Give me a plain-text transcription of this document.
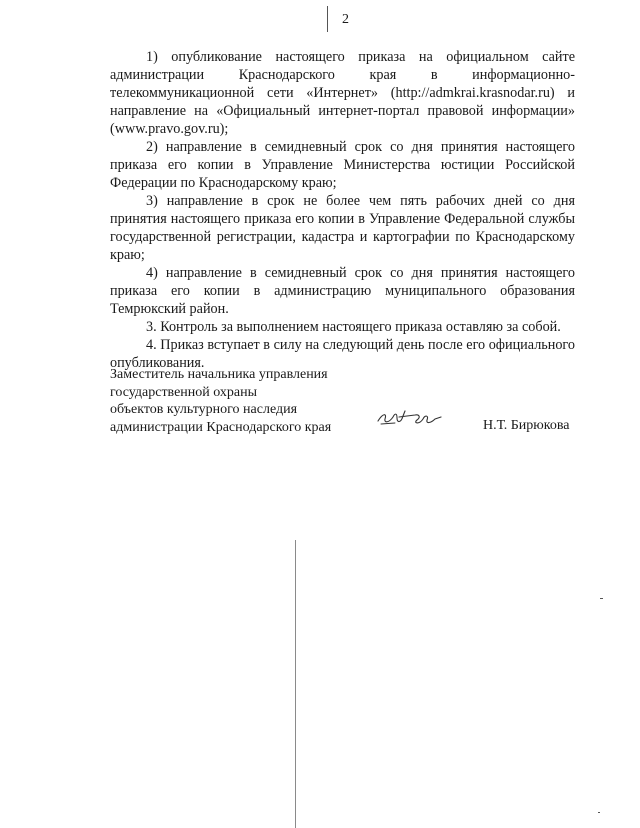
2

1) опубликование настоящего приказа на официальном сайте администрации Краснодарского края в информационно-телекоммуникационной сети «Интернет» (http://admkrai.krasnodar.ru) и направление на «Официальный интернет-портал правовой информации» (www.pravo.gov.ru);

2) направление в семидневный срок со дня принятия настоящего приказа его копии в Управление Министерства юстиции Российской Федерации по Краснодарскому краю;

3) направление в срок не более чем пять рабочих дней со дня принятия настоящего приказа его копии в Управление Федеральной службы государственной регистрации, кадастра и картографии по Краснодарскому краю;

4) направление в семидневный срок со дня принятия настоящего приказа его копии в администрацию муниципального образования Темрюкский район.

3. Контроль за выполнением настоящего приказа оставляю за собой.

4. Приказ вступает в силу на следующий день после его официального опубликования.

Заместитель начальника управления
государственной охраны
объектов культурного наследия
администрации Краснодарского края	Н.Т. Бирюкова
